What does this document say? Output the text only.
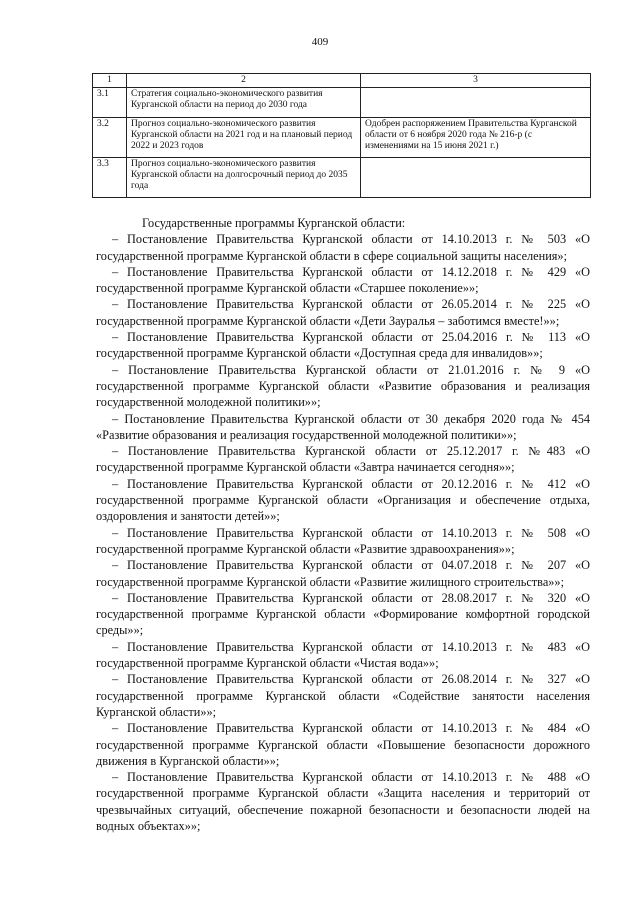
409
1	2	3
3.1	Стратегия социально-экономического развития Курганской области на период до 2030 года	
3.2	Прогноз социально-экономического развития Курганской области на 2021 год и на плановый период 2022 и 2023 годов	Одобрен распоряжением Правительства Курганской области от 6 ноября 2020 года № 216-р (с изменениями на 15 июня 2021 г.)
3.3	Прогноз социально-экономического развития Курганской области на долгосрочный период до 2035 года	

Государственные программы Курганской области:

– Постановление Правительства Курганской области от 14.10.2013 г. № 503 «О государственной программе Курганской области в сфере социальной защиты населения»;

– Постановление Правительства Курганской области от 14.12.2018 г. № 429 «О государственной программе Курганской области «Старшее поколение»»;

– Постановление Правительства Курганской области от 26.05.2014 г. № 225 «О государственной программе Курганской области «Дети Зауралья – заботимся вместе!»»;

– Постановление Правительства Курганской области от 25.04.2016 г. № 113 «О государственной программе Курганской области «Доступная среда для инвалидов»»;

– Постановление Правительства Курганской области от 21.01.2016 г. № 9 «О государственной программе Курганской области «Развитие образования и реализация государственной молодежной политики»»;

– Постановление Правительства Курганской области от 30 декабря 2020 года № 454 «Развитие образования и реализация государственной молодежной политики»»;

– Постановление Правительства Курганской области от 25.12.2017 г. №483 «О государственной программе Курганской области «Завтра начинается сегодня»»;

– Постановление Правительства Курганской области от 20.12.2016 г. № 412 «О государственной программе Курганской области «Организация и обеспечение отдыха, оздоровления и занятости детей»»;

– Постановление Правительства Курганской области от 14.10.2013 г. № 508 «О государственной программе Курганской области «Развитие здравоохранения»»;

– Постановление Правительства Курганской области от 04.07.2018 г. № 207 «О государственной программе Курганской области «Развитие жилищного строительства»»;

– Постановление Правительства Курганской области от 28.08.2017 г. № 320 «О государственной программе Курганской области «Формирование комфортной городской среды»»;

– Постановление Правительства Курганской области от 14.10.2013 г. № 483 «О государственной программе Курганской области «Чистая вода»»;

– Постановление Правительства Курганской области от 26.08.2014 г. № 327 «О государственной программе Курганской области «Содействие занятости населения Курганской области»»;

– Постановление Правительства Курганской области от 14.10.2013 г. № 484 «О государственной программе Курганской области «Повышение безопасности дорожного движения в Курганской области»»;

– Постановление Правительства Курганской области от 14.10.2013 г. № 488 «О государственной программе Курганской области «Защита населения и территорий от чрезвычайных ситуаций, обеспечение пожарной безопасности и безопасности людей на водных объектах»»;
